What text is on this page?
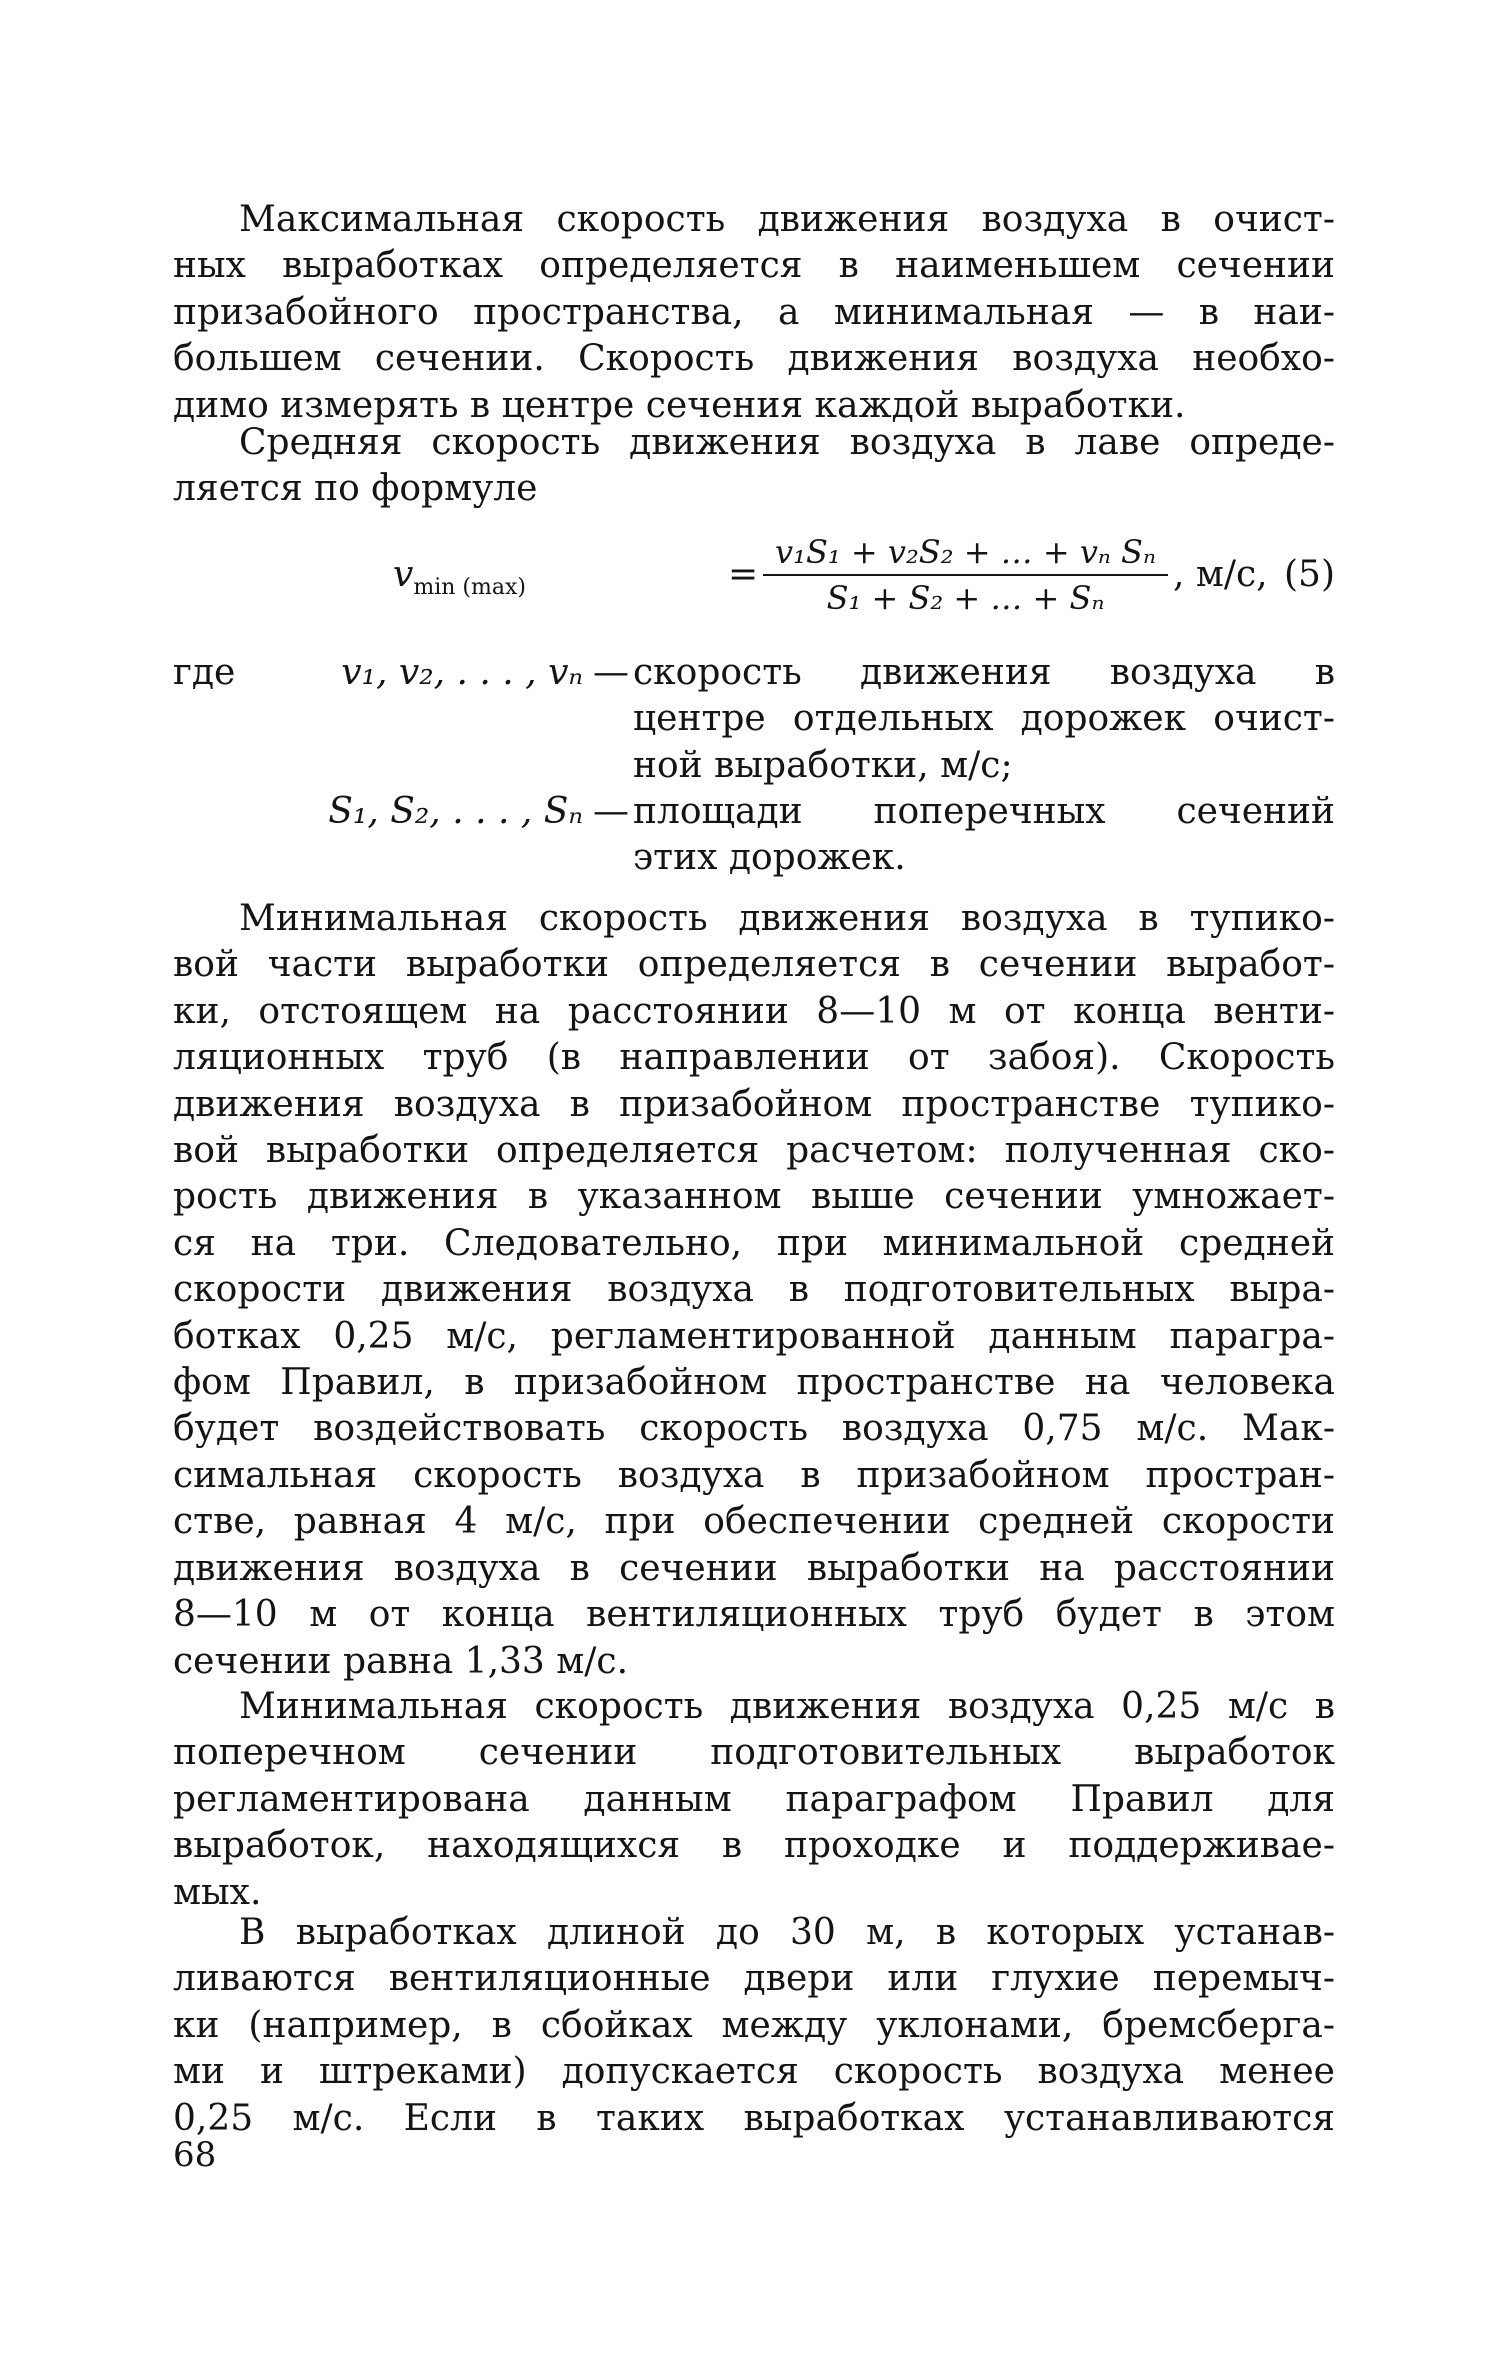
Максимальная скорость движения воздуха в очист-
ных выработках определяется в наименьшем сечении
призабойного пространства, а минимальная — в наи-
большем сечении. Скорость движения воздуха необхо-
димо измерять в центре сечения каждой выработки.

Средняя скорость движения воздуха в лаве опреде-
ляется по формуле

$v_{min (max)}$	= $\frac{\text{v₁S₁ + v₂S₂ + … + vₙ Sₙ}}{\text{S₁ + S₂ + … + Sₙ}}$ , м/с, (5)
где	v₁, v₂, . . . , vₙ — скорость движения воздуха в
центре отдельных дорожек очист-
ной выработки, м/с;
S₁, S₂, . . . , Sₙ — площади поперечных сечений
этих дорожек.

Минимальная скорость движения воздуха в тупико-
вой части выработки определяется в сечении выработ-
ки, отстоящем на расстоянии 8—10 м от конца венти-
ляционных труб (в направлении от забоя). Скорость
движения воздуха в призабойном пространстве тупико-
вой выработки определяется расчетом: полученная ско-
рость движения в указанном выше сечении умножает-
ся на три. Следовательно, при минимальной средней
скорости движения воздуха в подготовительных выра-
ботках 0,25 м/с, регламентированной данным парагра-
фом Правил, в призабойном пространстве на человека
будет воздействовать скорость воздуха 0,75 м/с. Мак-
симальная скорость воздуха в призабойном простран-
стве, равная 4 м/с, при обеспечении средней скорости
движения воздуха в сечении выработки на расстоянии
8—10 м от конца вентиляционных труб будет в этом
сечении равна 1,33 м/с.

Минимальная скорость движения воздуха 0,25 м/с в
поперечном сечении подготовительных выработок
регламентирована данным параграфом Правил для
выработок, находящихся в проходке и поддерживае-
мых.

В выработках длиной до 30 м, в которых устанав-
ливаются вентиляционные двери или глухие перемыч-
ки (например, в сбойках между уклонами, бремсберга-
ми и штреками) допускается скорость воздуха менее
0,25 м/с. Если в таких выработках устанавливаются

68
